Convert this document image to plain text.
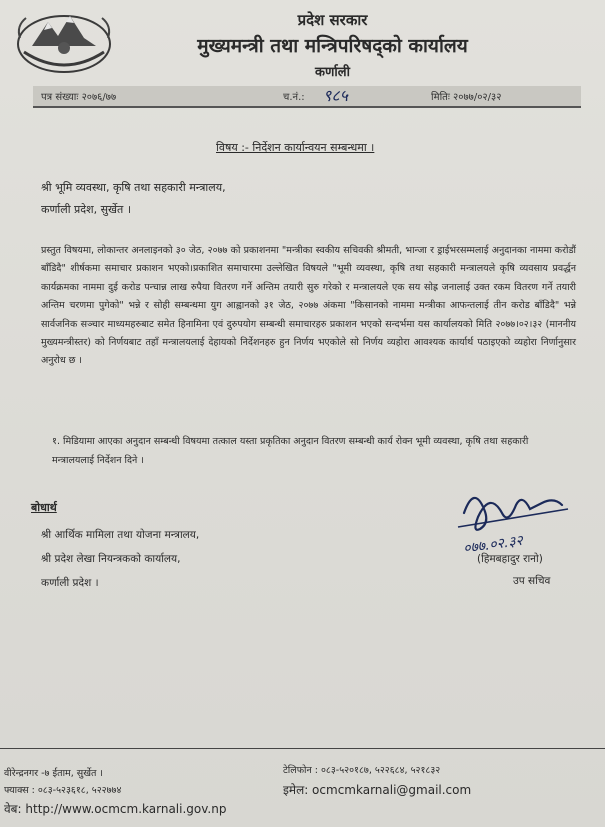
प्रदेश सरकार
मुख्यमन्त्री तथा मन्त्रिपरिषद्को कार्यालय
कर्णाली
पत्र संख्याः २०७६/७७	च.नं.: ९८५	मितिः २०७७/०२/३२
विषय :- निर्देशन कार्यान्वयन सम्बन्धमा ।
श्री भूमि व्यवस्था, कृषि तथा सहकारी मन्त्रालय,
कर्णाली प्रदेश, सुर्खेत ।
प्रस्तुत विषयमा, लोकान्तर अनलाइनको ३० जेठ, २०७७ को प्रकाशनमा "मन्त्रीका स्वकीय सचिवकी श्रीमती, भान्जा र ड्राईभरसम्मलाई अनुदानका नाममा करोडौं बाँडिदै" शीर्षकमा समाचार प्रकाशन भएको।प्रकाशित समाचारमा उल्लेखित विषयले "भूमी व्यवस्था, कृषि तथा सहकारी मन्त्रालयले कृषि व्यवसाय प्रवर्द्धन कार्यक्रमका नाममा दुई करोड पन्चान्न लाख रुपैया वितरण गर्ने अन्तिम तयारी सुरु गरेको र मन्त्रालयले एक सय सोह्र जनालाई उक्त रकम वितरण गर्ने तयारी अन्तिम चरणमा पुगेको" भन्ने र सोही सम्बन्धमा युग आह्वानको ३१ जेठ, २०७७ अंकमा "किसानको नाममा मन्त्रीका आफन्तलाई तीन करोड बाँडिदै" भन्ने सार्वजनिक सञ्चार माध्यमहरुबाट समेत हिनामिना एवं दुरुपयोग सम्बन्धी समाचारहरु प्रकाशन भएको सन्दर्भमा यस कार्यालयको मिति २०७७।०२।३२ (माननीय मुख्यमन्त्रीस्तर) को निर्णयबाट तहाँ मन्त्रालयलाई देहायको निर्देशनहरु हुन निर्णय भएकोले सो निर्णय व्यहोरा आवश्यक कार्यार्थ पठाइएको व्यहोरा निर्णानुसार अनुरोध छ ।
१. मिडियामा आएका अनुदान सम्बन्धी विषयमा तत्काल यस्ता प्रकृतिका अनुदान वितरण सम्बन्धी कार्य रोक्न भूमी व्यवस्था, कृषि तथा सहकारी मन्त्रालयलाई निर्देशन दिने ।
बोधार्थ
श्री आर्थिक मामिला तथा योजना मन्त्रालय,
श्री प्रदेश लेखा नियन्त्रकको कार्यालय,
कर्णाली प्रदेश ।
०७७.०२.३२
(हिमबहादुर रानो)
उप सचिव
वीरेन्द्रनगर -७ ईताम, सुर्खेत ।
फ्याक्स : ०८३-५२३६१८, ५२२७७४
वेब: http://www.ocmcm.karnali.gov.np
टेलिफोन : ०८३-५२०१८७, ५२२६८४, ५२१८३२
इमेल: ocmcmkarnali@gmail.com
